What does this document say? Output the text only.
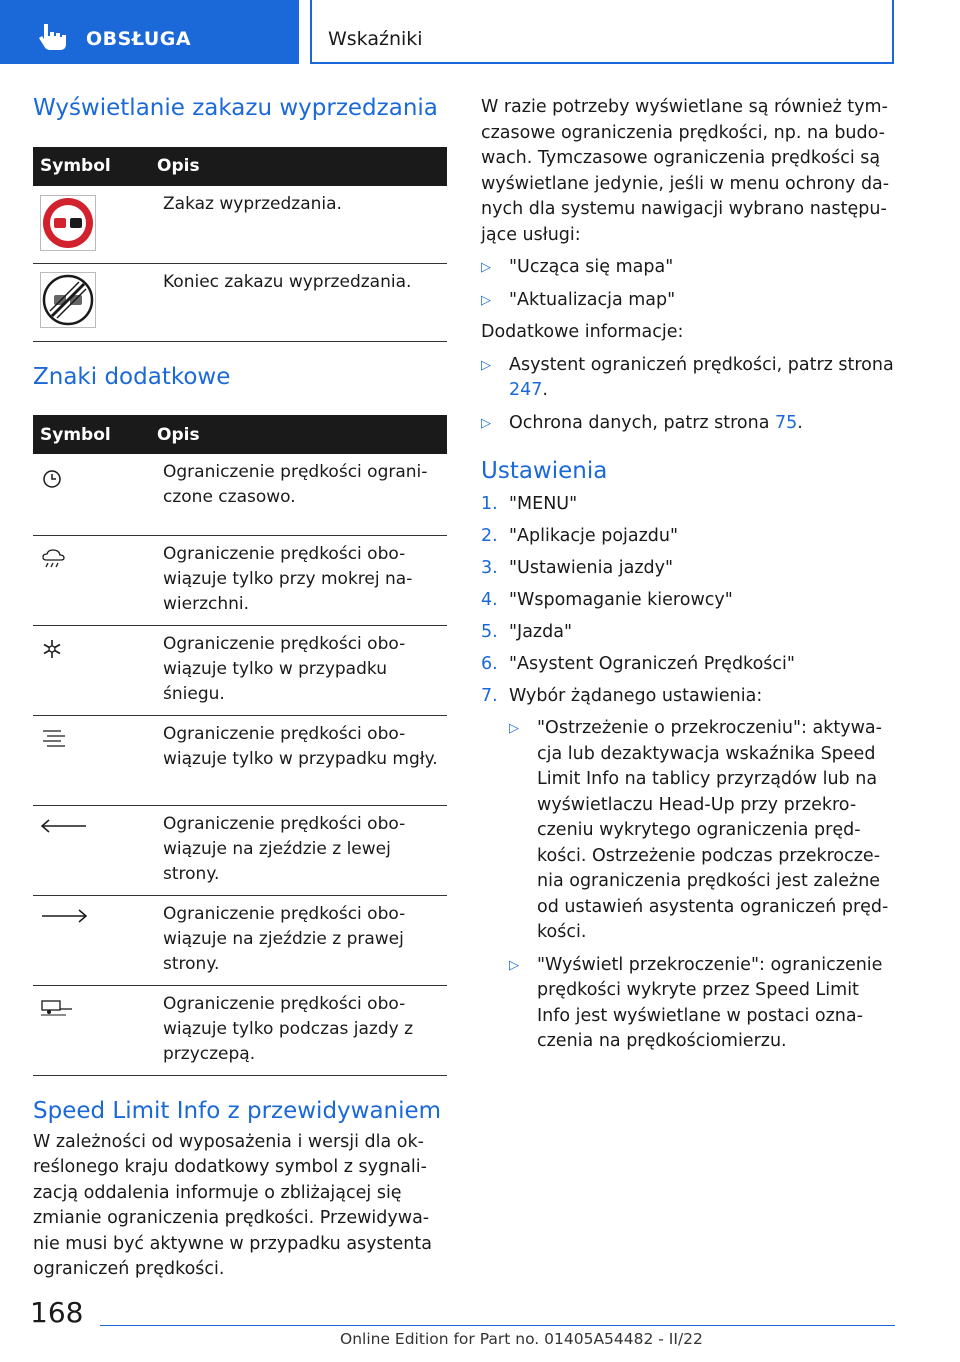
OBSŁUGA	Wskaźniki
Wyświetlanie zakazu wyprzedzania
Symbol	Opis
Zakaz wyprzedzania.
Koniec zakazu wyprzedzania.
Znaki dodatkowe
Symbol	Opis
Ograniczenie prędkości ograni-czone czasowo.
Ograniczenie prędkości obo-wiązuje tylko przy mokrej na-wierzchni.
Ograniczenie prędkości obo-wiązuje tylko w przypadku śniegu.
Ograniczenie prędkości obo-wiązuje tylko w przypadku mgły.
Ograniczenie prędkości obo-wiązuje na zjeździe z lewej strony.
Ograniczenie prędkości obo-wiązuje na zjeździe z prawej strony.
Ograniczenie prędkości obo-wiązuje tylko podczas jazdy z przyczepą.
Speed Limit Info z przewidywaniem

W zależności od wyposażenia i wersji dla ok-reślonego kraju dodatkowy symbol z sygnali-zacją oddalenia informuje o zbliżającej się zmianie ograniczenia prędkości. Przewidywa-nie musi być aktywne w przypadku asystenta ograniczeń prędkości.

W razie potrzeby wyświetlane są również tym-czasowe ograniczenia prędkości, np. na budo-wach. Tymczasowe ograniczenia prędkości są wyświetlane jedynie, jeśli w menu ochrony da-nych dla systemu nawigacji wybrano następu-jące usługi:

▷ "Ucząca się mapa"
▷ "Aktualizacja map"

Dodatkowe informacje:

▷ Asystent ograniczeń prędkości, patrz strona 247.
▷ Ochrona danych, patrz strona 75.
Ustawienia
1. "MENU"
2. "Aplikacje pojazdu"
3. "Ustawienia jazdy"
4. "Wspomaganie kierowcy"
5. "Jazda"
6. "Asystent Ograniczeń Prędkości"
7. Wybór żądanego ustawienia:
▷ "Ostrzeżenie o przekroczeniu": aktywa-cja lub dezaktywacja wskaźnika Speed Limit Info na tablicy przyrządów lub na wyświetlaczu Head-Up przy przekro-czeniu wykrytego ograniczenia pręd-kości. Ostrzeżenie podczas przekrocze-nia ograniczenia prędkości jest zależne od ustawień asystenta ograniczeń pręd-kości.
▷ "Wyświetl przekroczenie": ograniczenie prędkości wykryte przez Speed Limit Info jest wyświetlane w postaci ozna-czenia na prędkościomierzu.
168
Online Edition for Part no. 01405A54482 - II/22
